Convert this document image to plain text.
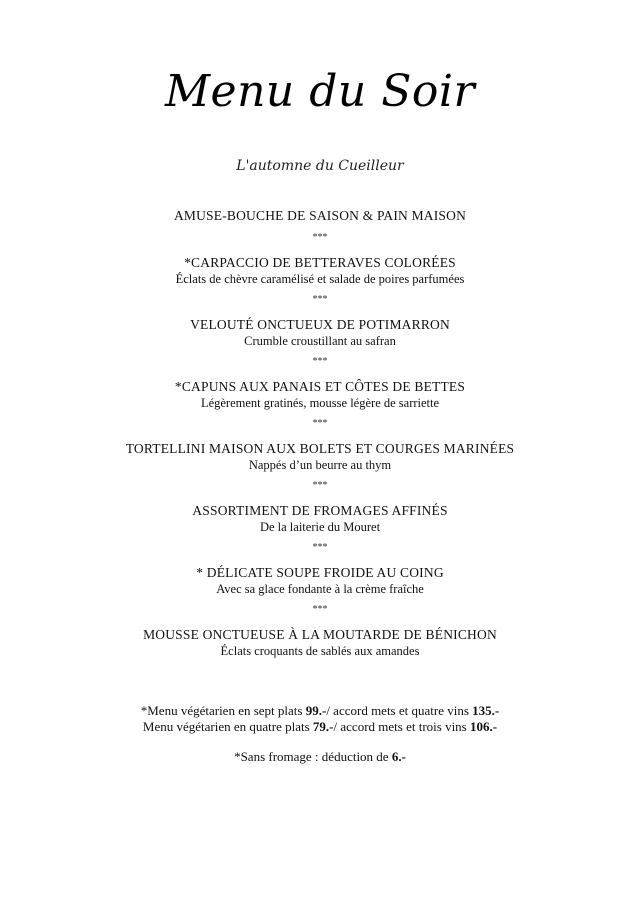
Menu du Soir
L'automne du Cueilleur
AMUSE-BOUCHE DE SAISON & PAIN MAISON
***
*CARPACCIO DE BETTERAVES COLORÉES
Éclats de chèvre caramélisé et salade de poires parfumées
***
VELOUTÉ ONCTUEUX DE POTIMARRON
Crumble croustillant au safran
***
*CAPUNS AUX PANAIS ET CÔTES DE BETTES
Légèrement gratinés, mousse légère de sarriette
***
TORTELLINI MAISON AUX BOLETS ET COURGES MARINÉES
Nappés d’un beurre au thym
***
ASSORTIMENT DE FROMAGES AFFINÉS
De la laiterie du Mouret
***
* DÉLICATE SOUPE FROIDE AU COING
Avec sa glace fondante à la crème fraîche
***
MOUSSE ONCTUEUSE À LA MOUTARDE DE BÉNICHON
Éclats croquants de sablés aux amandes
*Menu végétarien en sept plats 99.-/ accord mets et quatre vins 135.-
Menu végétarien en quatre plats 79.-/ accord mets et trois vins 106.-
*Sans fromage : déduction de 6.-
